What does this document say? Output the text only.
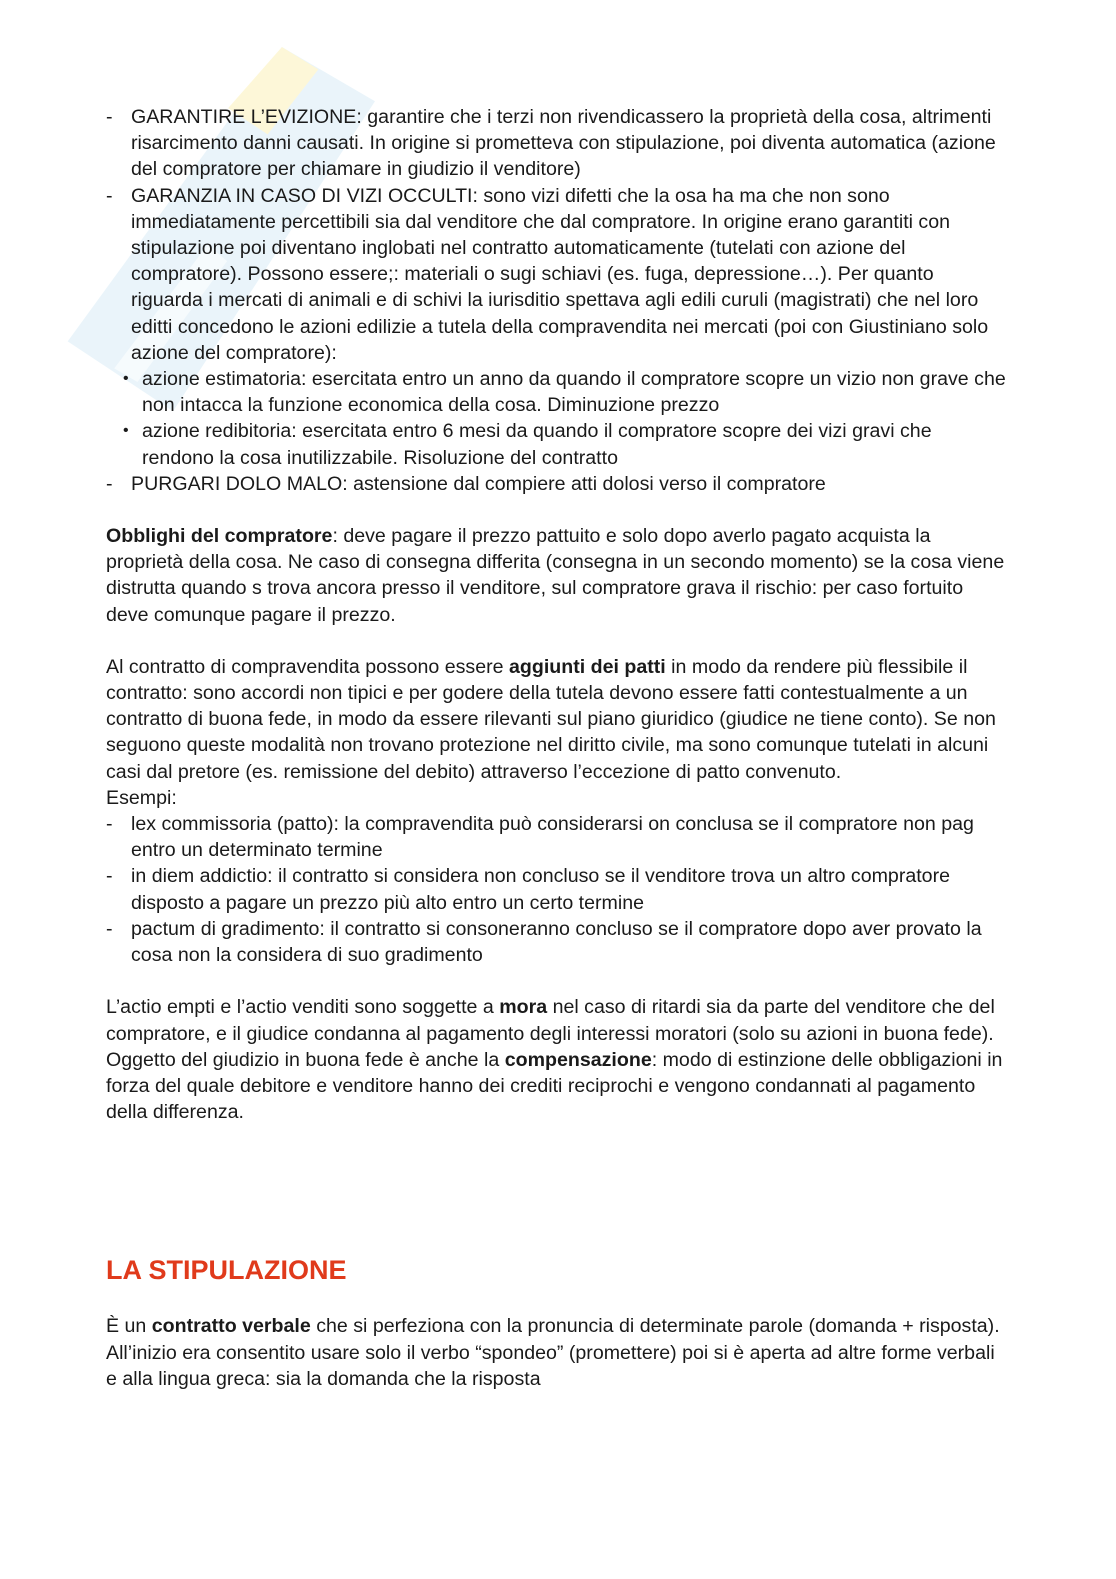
- GARANTIRE L’EVIZIONE: garantire che i terzi non rivendicassero la proprietà della cosa, altrimenti risarcimento danni causati. In origine si prometteva con stipulazione, poi diventa automatica (azione del compratore per chiamare in giudizio il venditore)
- GARANZIA IN CASO DI VIZI OCCULTI: sono vizi difetti che la osa ha ma che non sono immediatamente percettibili sia dal venditore che dal compratore. In origine erano garantiti con stipulazione poi diventano inglobati nel contratto automaticamente (tutelati con azione del compratore). Possono essere;: materiali o sugi schiavi (es. fuga, depressione…). Per quanto riguarda i mercati di animali e di schivi la iurisditio spettava agli edili curuli (magistrati) che nel loro editti concedono le azioni edilizie a tutela della compravendita nei mercati (poi con Giustiniano solo azione del compratore):
• azione estimatoria: esercitata entro un anno da quando il compratore scopre un vizio non grave che non intacca la funzione economica della cosa. Diminuzione prezzo
• azione redibitoria: esercitata entro 6 mesi da quando il compratore scopre dei vizi gravi che rendono la cosa inutilizzabile. Risoluzione del contratto
- PURGARI DOLO MALO: astensione dal compiere atti dolosi verso il compratore

Obblighi del compratore: deve pagare il prezzo pattuito e solo dopo averlo pagato acquista la proprietà della cosa. Ne caso di consegna differita (consegna in un secondo momento) se la cosa viene distrutta quando s trova ancora presso il venditore, sul compratore grava il rischio: per caso fortuito deve comunque pagare il prezzo.

Al contratto di compravendita possono essere aggiunti dei patti in modo da rendere più flessibile il contratto: sono accordi non tipici e per godere della tutela devono essere fatti contestualmente a un contratto di buona fede, in modo da essere rilevanti sul piano giuridico (giudice ne tiene conto). Se non seguono queste modalità non trovano protezione nel diritto civile, ma sono comunque tutelati in alcuni casi dal pretore (es. remissione del debito) attraverso l’eccezione di patto convenuto.

Esempi:
- lex commissoria (patto): la compravendita può considerarsi on conclusa se il compratore non pag entro un determinato termine
- in diem addictio: il contratto si considera non concluso se il venditore trova un altro compratore disposto a pagare un prezzo più alto entro un certo termine
- pactum di gradimento: il contratto si consoneranno concluso se il compratore dopo aver provato la cosa non la considera di suo gradimento

L’actio empti e l’actio venditi sono soggette a mora nel caso di ritardi sia da parte del venditore che del compratore, e il giudice condanna al pagamento degli interessi moratori (solo su azioni in buona fede). Oggetto del giudizio in buona fede è anche la compensazione: modo di estinzione delle obbligazioni in forza del quale debitore e venditore hanno dei crediti reciprochi e vengono condannati al pagamento della differenza.

LA STIPULAZIONE

È un contratto verbale che si perfeziona con la pronuncia di determinate parole (domanda + risposta). All’inizio era consentito usare solo il verbo “spondeo” (promettere) poi si è aperta ad altre forme verbali e alla lingua greca: sia la domanda che la risposta
